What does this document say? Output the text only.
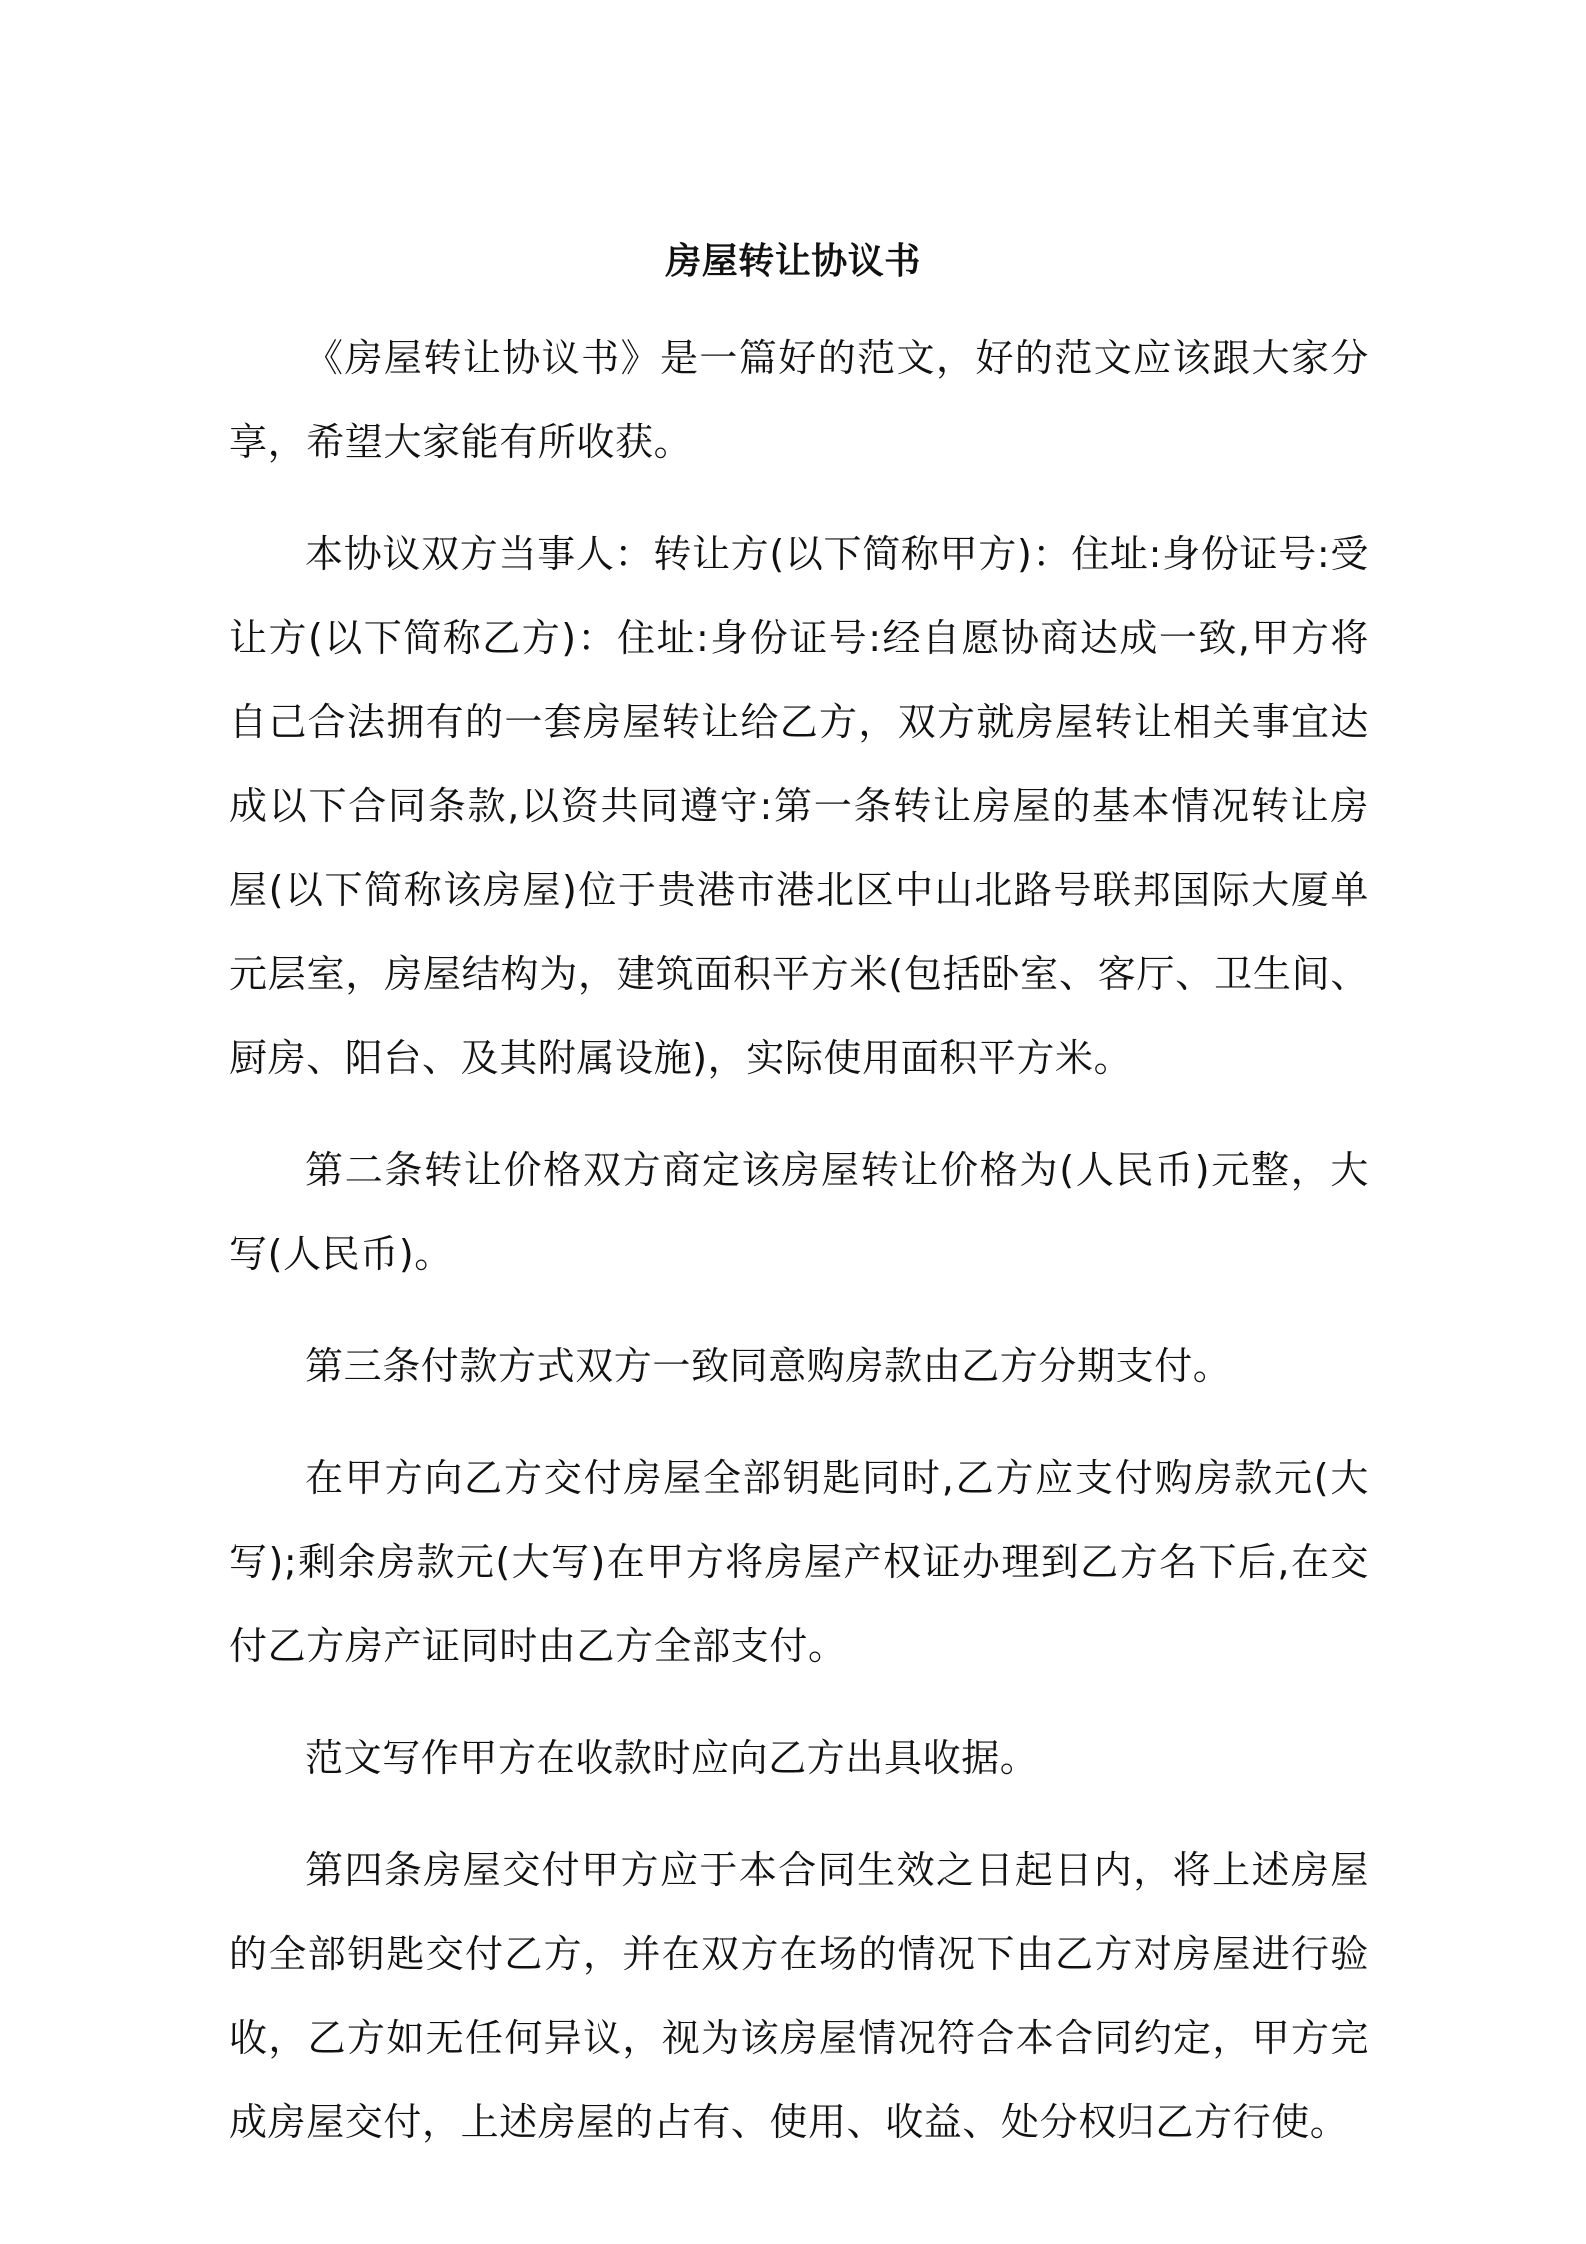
房屋转让协议书

《房屋转让协议书》是一篇好的范文，好的范文应该跟大家分享，希望大家能有所收获。

本协议双方当事人：转让方(以下简称甲方)：住址:身份证号:受让方(以下简称乙方)：住址:身份证号:经自愿协商达成一致,甲方将自己合法拥有的一套房屋转让给乙方，双方就房屋转让相关事宜达成以下合同条款,以资共同遵守:第一条转让房屋的基本情况转让房屋(以下简称该房屋)位于贵港市港北区中山北路号联邦国际大厦单元层室，房屋结构为，建筑面积平方米(包括卧室、客厅、卫生间、厨房、阳台、及其附属设施)，实际使用面积平方米。

第二条转让价格双方商定该房屋转让价格为(人民币)元整，大写(人民币)。

第三条付款方式双方一致同意购房款由乙方分期支付。

在甲方向乙方交付房屋全部钥匙同时,乙方应支付购房款元(大写);剩余房款元(大写)在甲方将房屋产权证办理到乙方名下后,在交付乙方房产证同时由乙方全部支付。

范文写作甲方在收款时应向乙方出具收据。

第四条房屋交付甲方应于本合同生效之日起日内，将上述房屋的全部钥匙交付乙方，并在双方在场的情况下由乙方对房屋进行验收，乙方如无任何异议，视为该房屋情况符合本合同约定，甲方完成房屋交付，上述房屋的占有、使用、收益、处分权归乙方行使。
